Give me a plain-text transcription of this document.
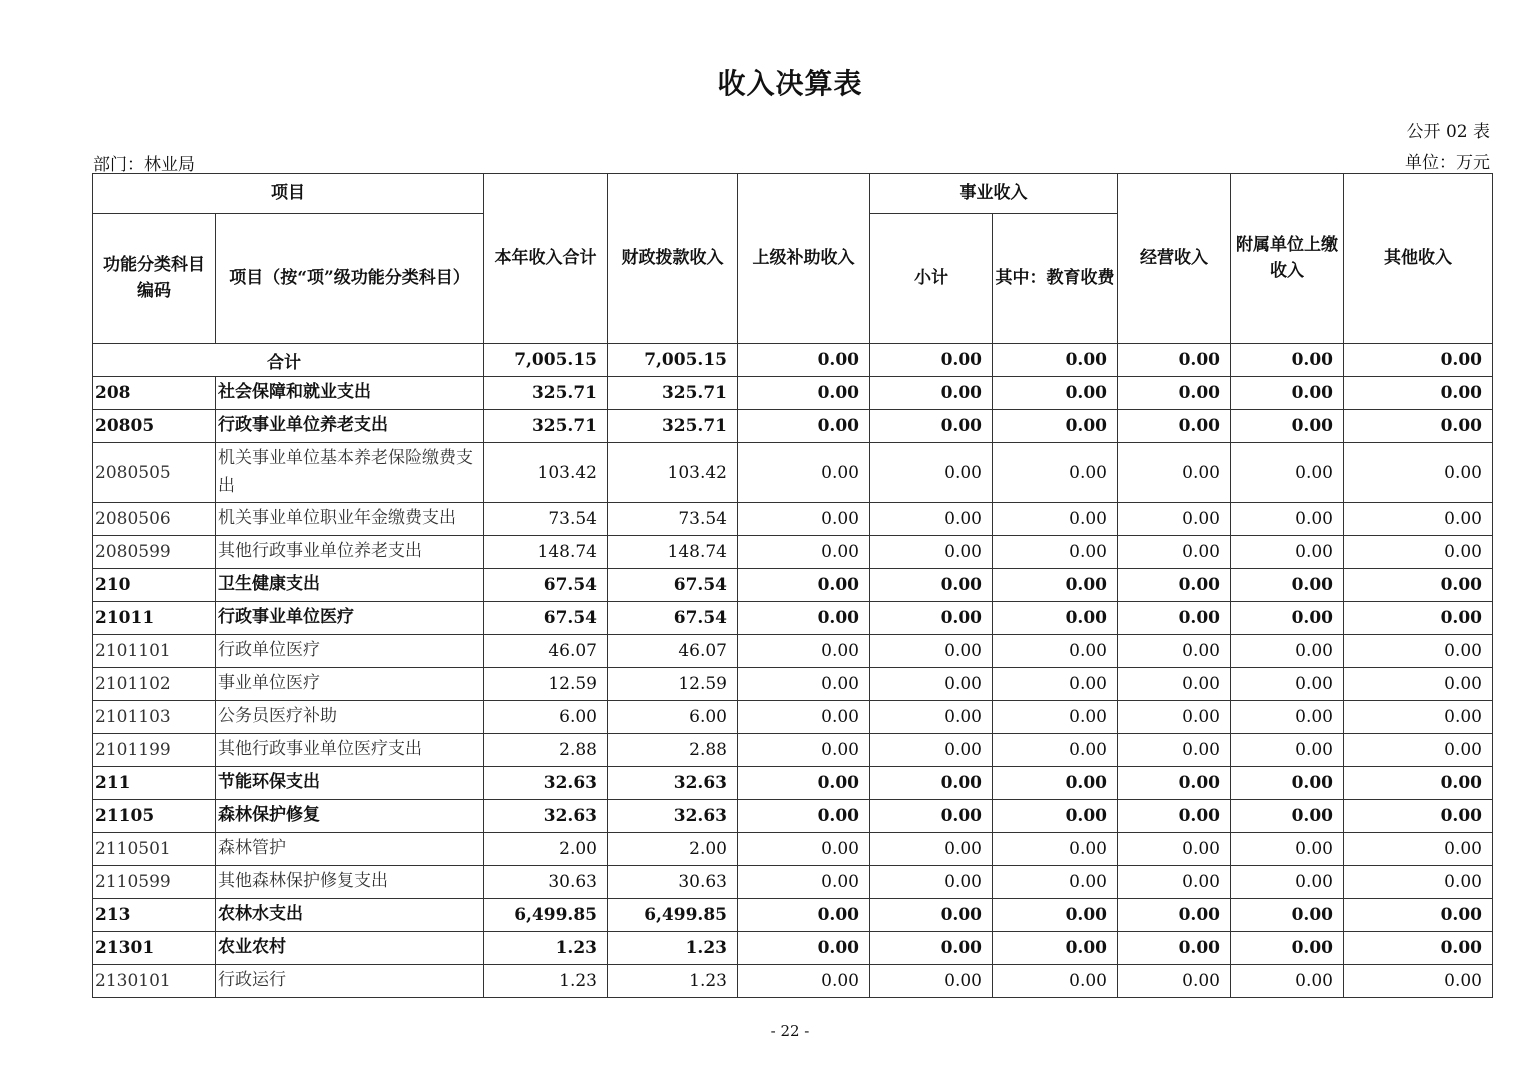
收入决算表
公开 02 表
部门：林业局	单位：万元
项目		本年收入合计	财政拨款收入	上级补助收入	事业收入		经营收入	附属单位上缴收入	其他收入
功能分类科目编码	项目（按“项”级功能分类科目）				小计	其中：教育收费			
合计		7,005.15	7,005.15	0.00	0.00	0.00	0.00	0.00	0.00
208	社会保障和就业支出	325.71	325.71	0.00	0.00	0.00	0.00	0.00	0.00
20805	行政事业单位养老支出	325.71	325.71	0.00	0.00	0.00	0.00	0.00	0.00
2080505	机关事业单位基本养老保险缴费支出	103.42	103.42	0.00	0.00	0.00	0.00	0.00	0.00
2080506	机关事业单位职业年金缴费支出	73.54	73.54	0.00	0.00	0.00	0.00	0.00	0.00
2080599	其他行政事业单位养老支出	148.74	148.74	0.00	0.00	0.00	0.00	0.00	0.00
210	卫生健康支出	67.54	67.54	0.00	0.00	0.00	0.00	0.00	0.00
21011	行政事业单位医疗	67.54	67.54	0.00	0.00	0.00	0.00	0.00	0.00
2101101	行政单位医疗	46.07	46.07	0.00	0.00	0.00	0.00	0.00	0.00
2101102	事业单位医疗	12.59	12.59	0.00	0.00	0.00	0.00	0.00	0.00
2101103	公务员医疗补助	6.00	6.00	0.00	0.00	0.00	0.00	0.00	0.00
2101199	其他行政事业单位医疗支出	2.88	2.88	0.00	0.00	0.00	0.00	0.00	0.00
211	节能环保支出	32.63	32.63	0.00	0.00	0.00	0.00	0.00	0.00
21105	森林保护修复	32.63	32.63	0.00	0.00	0.00	0.00	0.00	0.00
2110501	森林管护	2.00	2.00	0.00	0.00	0.00	0.00	0.00	0.00
2110599	其他森林保护修复支出	30.63	30.63	0.00	0.00	0.00	0.00	0.00	0.00
213	农林水支出	6,499.85	6,499.85	0.00	0.00	0.00	0.00	0.00	0.00
21301	农业农村	1.23	1.23	0.00	0.00	0.00	0.00	0.00	0.00
2130101	行政运行	1.23	1.23	0.00	0.00	0.00	0.00	0.00	0.00
- 22 -
